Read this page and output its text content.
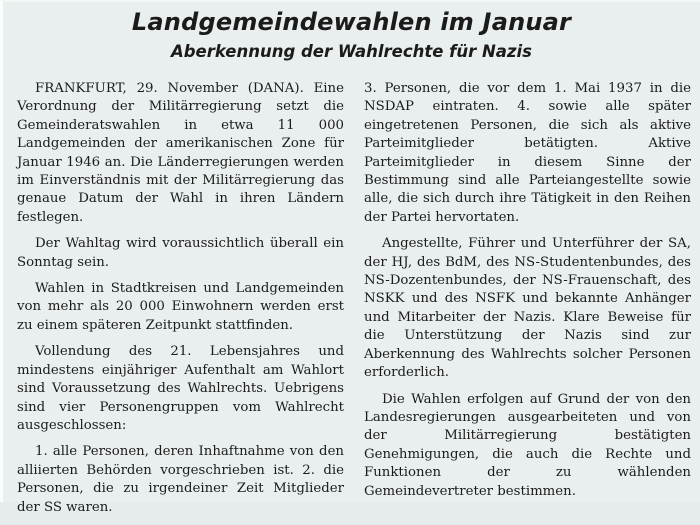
Landgemeindewahlen im Januar
Aberkennung der Wahlrechte für Nazis

FRANKFURT, 29. November (DANA). Eine Verordnung der Militärregierung setzt die Gemeinderatswahlen in etwa 11 000 Landgemeinden der amerikanischen Zone für Januar 1946 an. Die Länderregierungen werden im Einverständnis mit der Militärregierung das genaue Datum der Wahl in ihren Ländern festlegen.

Der Wahltag wird voraussichtlich überall ein Sonntag sein.

Wahlen in Stadtkreisen und Landgemeinden von mehr als 20 000 Einwohnern werden erst zu einem späteren Zeitpunkt stattfinden.

Vollendung des 21. Lebensjahres und mindestens einjähriger Aufenthalt am Wahlort sind Voraussetzung des Wahlrechts. Uebrigens sind vier Personengruppen vom Wahlrecht ausgeschlossen:

1. alle Personen, deren Inhaftnahme von den alliierten Behörden vorgeschrieben ist. 2. die Personen, die zu irgendeiner Zeit Mitglieder der SS waren.

3. Personen, die vor dem 1. Mai 1937 in die NSDAP eintraten. 4. sowie alle später eingetretenen Personen, die sich als aktive Parteimitglieder betätigten. Aktive Parteimitglieder in diesem Sinne der Bestimmung sind alle Parteiangestellte sowie alle, die sich durch ihre Tätigkeit in den Reihen der Partei hervortaten.

Angestellte, Führer und Unterführer der SA, der HJ, des BdM, des NS-Studentenbundes, des NS-Dozentenbundes, der NS-Frauenschaft, des NSKK und des NSFK und bekannte Anhänger und Mitarbeiter der Nazis. Klare Beweise für die Unterstützung der Nazis sind zur Aberkennung des Wahlrechts solcher Personen erforderlich.

Die Wahlen erfolgen auf Grund der von den Landesregierungen ausgearbeiteten und von der Militärregierung bestätigten Genehmigungen, die auch die Rechte und Funktionen der zu wählenden Gemeindevertreter bestimmen.
